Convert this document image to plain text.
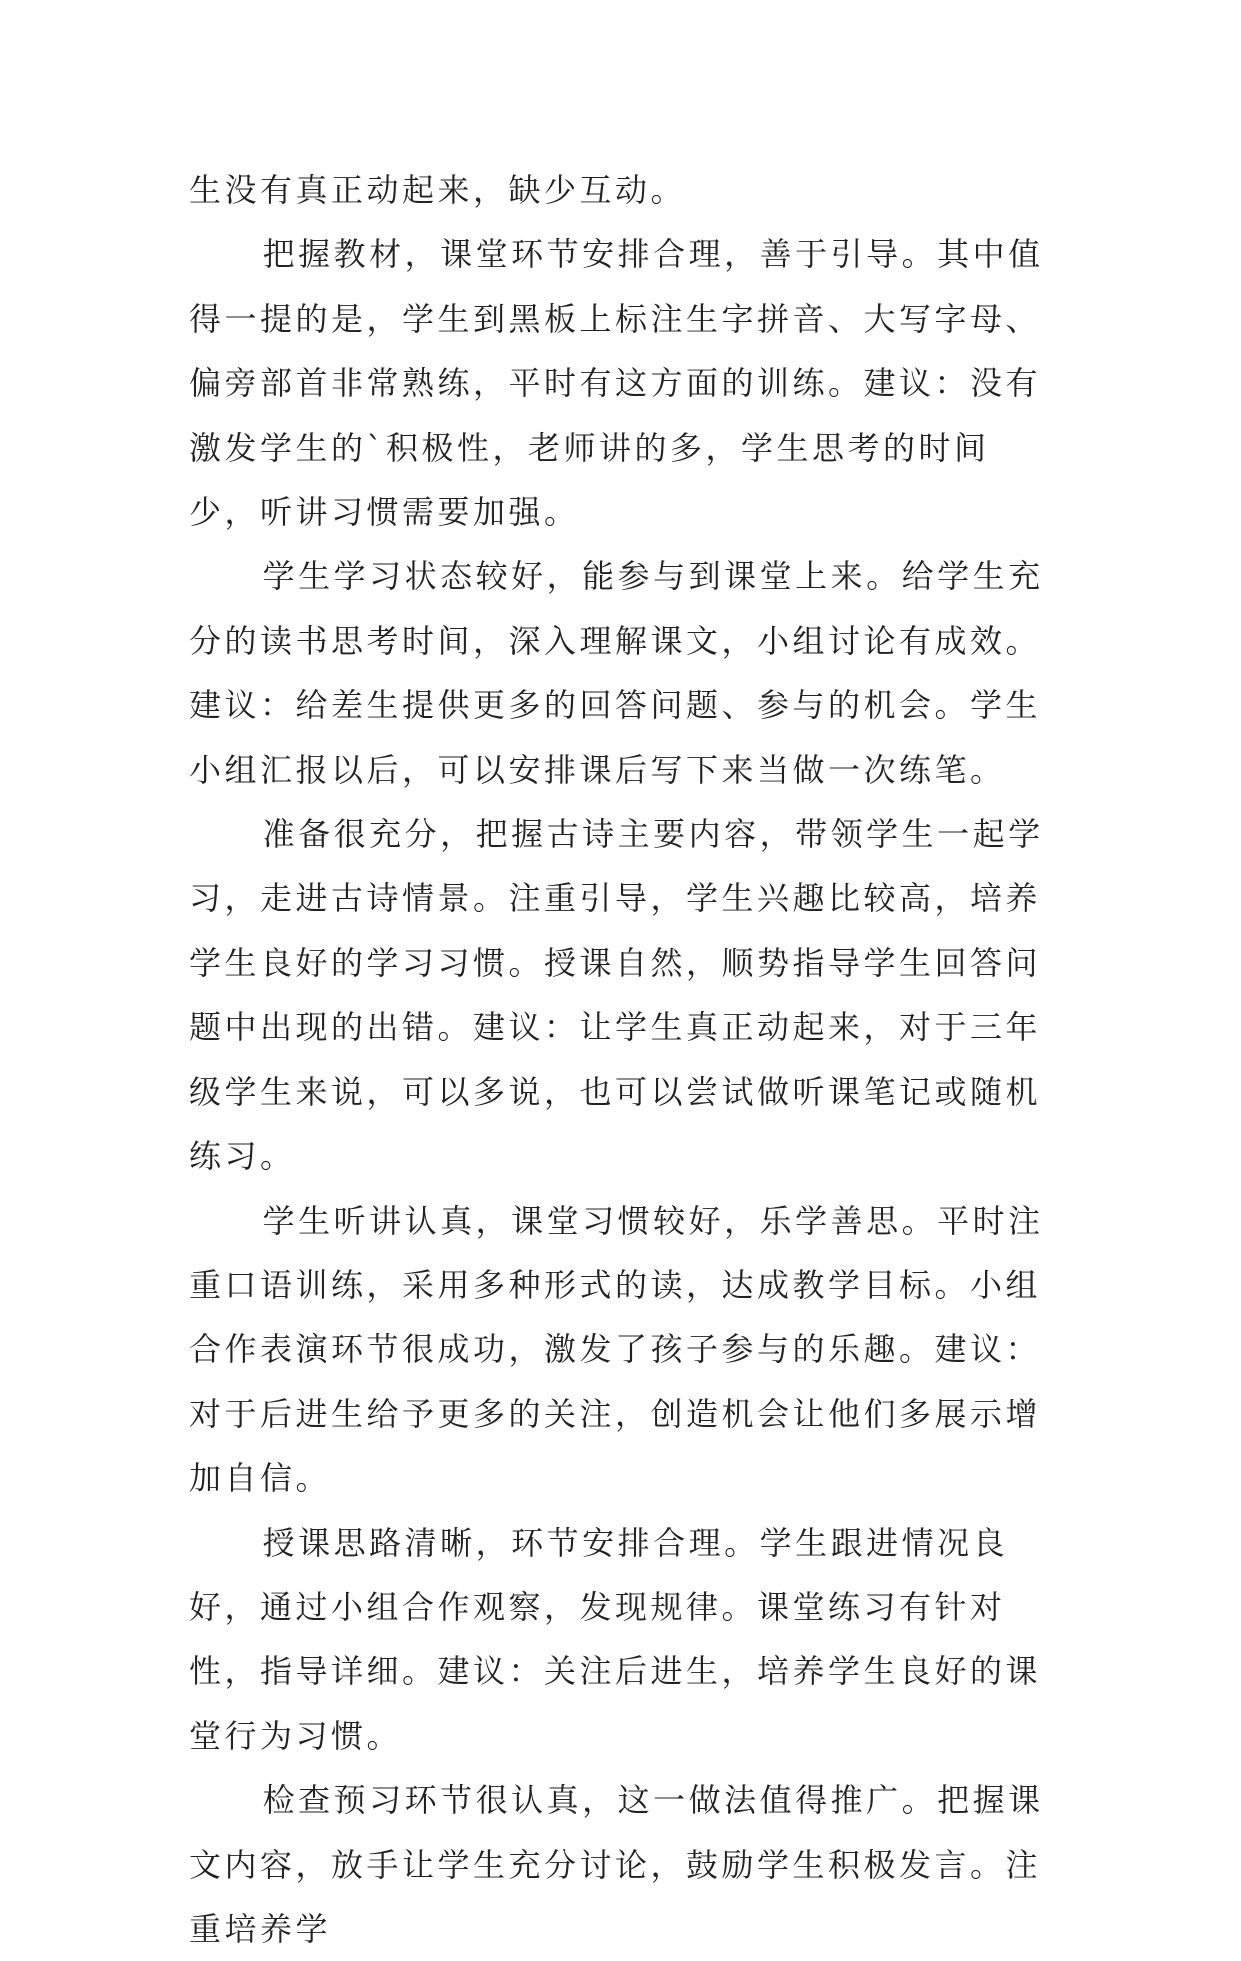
生没有真正动起来，缺少互动。

把握教材，课堂环节安排合理，善于引导。其中值得一提的是，学生到黑板上标注生字拼音、大写字母、偏旁部首非常熟练，平时有这方面的训练。建议：没有激发学生的`积极性，老师讲的多，学生思考的时间少，听讲习惯需要加强。

学生学习状态较好，能参与到课堂上来。给学生充分的读书思考时间，深入理解课文，小组讨论有成效。建议：给差生提供更多的回答问题、参与的机会。学生小组汇报以后，可以安排课后写下来当做一次练笔。

准备很充分，把握古诗主要内容，带领学生一起学习，走进古诗情景。注重引导，学生兴趣比较高，培养学生良好的学习习惯。授课自然，顺势指导学生回答问题中出现的出错。建议：让学生真正动起来，对于三年级学生来说，可以多说，也可以尝试做听课笔记或随机练习。

学生听讲认真，课堂习惯较好，乐学善思。平时注重口语训练，采用多种形式的读，达成教学目标。小组合作表演环节很成功，激发了孩子参与的乐趣。建议：对于后进生给予更多的关注，创造机会让他们多展示增加自信。

授课思路清晰，环节安排合理。学生跟进情况良好，通过小组合作观察，发现规律。课堂练习有针对性，指导详细。建议：关注后进生，培养学生良好的课堂行为习惯。

检查预习环节很认真，这一做法值得推广。把握课文内容，放手让学生充分讨论，鼓励学生积极发言。注重培养学
